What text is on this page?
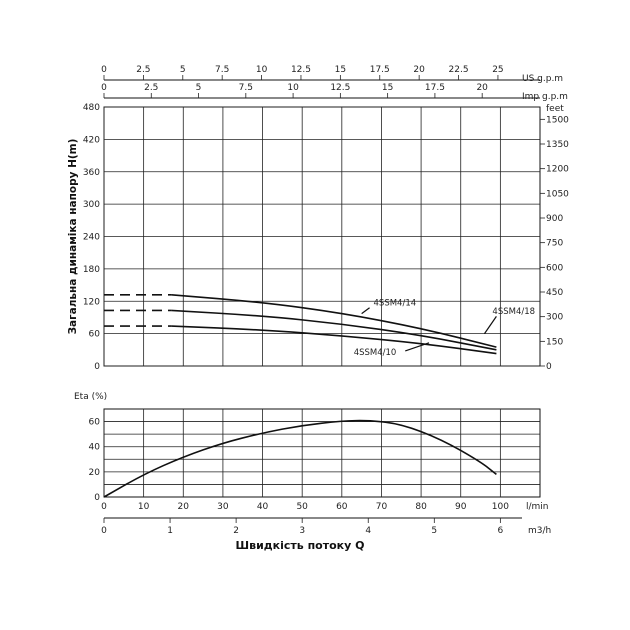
0	2.5	5	7.5	10	12.5	15	17.5	20	22.5	25
US g.p.m
0	2.5	5	7.5	10	12.5	15	17.5	20
Imp g.p.m
0
60
120
180
240
300
360
420
480
0
150
300
450
600
750
900
1050
1200
1350
1500
feet
4SSM4/14
4SSM4/18
4SSM4/10
Загальна динаміка напору H(m)
Eta (%)
0
20
40
60
0	10	20	30	40	50	60	70	80	90	100 l/min
0	1	2	3	4	5	6	m3/h
Швидкість потоку Q
